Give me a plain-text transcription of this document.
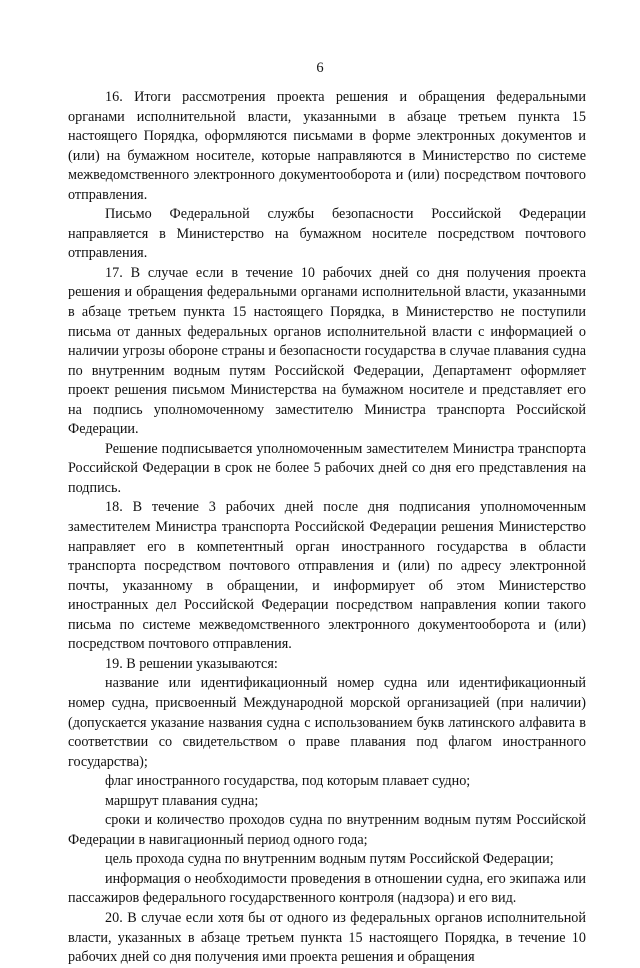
6

16. Итоги рассмотрения проекта решения и обращения федеральными органами исполнительной власти, указанными в абзаце третьем пункта 15 настоящего Порядка, оформляются письмами в форме электронных документов и (или) на бумажном носителе, которые направляются в Министерство по системе межведомственного электронного документооборота и (или) посредством почтового отправления.

Письмо Федеральной службы безопасности Российской Федерации направляется в Министерство на бумажном носителе посредством почтового отправления.

17. В случае если в течение 10 рабочих дней со дня получения проекта решения и обращения федеральными органами исполнительной власти, указанными в абзаце третьем пункта 15 настоящего Порядка, в Министерство не поступили письма от данных федеральных органов исполнительной власти с информацией о наличии угрозы обороне страны и безопасности государства в случае плавания судна по внутренним водным путям Российской Федерации, Департамент оформляет проект решения письмом Министерства на бумажном носителе и представляет его на подпись уполномоченному заместителю Министра транспорта Российской Федерации.

Решение подписывается уполномоченным заместителем Министра транспорта Российской Федерации в срок не более 5 рабочих дней со дня его представления на подпись.

18. В течение 3 рабочих дней после дня подписания уполномоченным заместителем Министра транспорта Российской Федерации решения Министерство направляет его в компетентный орган иностранного государства в области транспорта посредством почтового отправления и (или) по адресу электронной почты, указанному в обращении, и информирует об этом Министерство иностранных дел Российской Федерации посредством направления копии такого письма по системе межведомственного электронного документооборота и (или) посредством почтового отправления.

19. В решении указываются:

название или идентификационный номер судна или идентификационный номер судна, присвоенный Международной морской организацией (при наличии) (допускается указание названия судна с использованием букв латинского алфавита в соответствии со свидетельством о праве плавания под флагом иностранного государства);

флаг иностранного государства, под которым плавает судно;

маршрут плавания судна;

сроки и количество проходов судна по внутренним водным путям Российской Федерации в навигационный период одного года;

цель прохода судна по внутренним водным путям Российской Федерации;

информация о необходимости проведения в отношении судна, его экипажа или пассажиров федерального государственного контроля (надзора) и его вид.

20. В случае если хотя бы от одного из федеральных органов исполнительной власти, указанных в абзаце третьем пункта 15 настоящего Порядка, в течение 10 рабочих дней со дня получения ими проекта решения и обращения
